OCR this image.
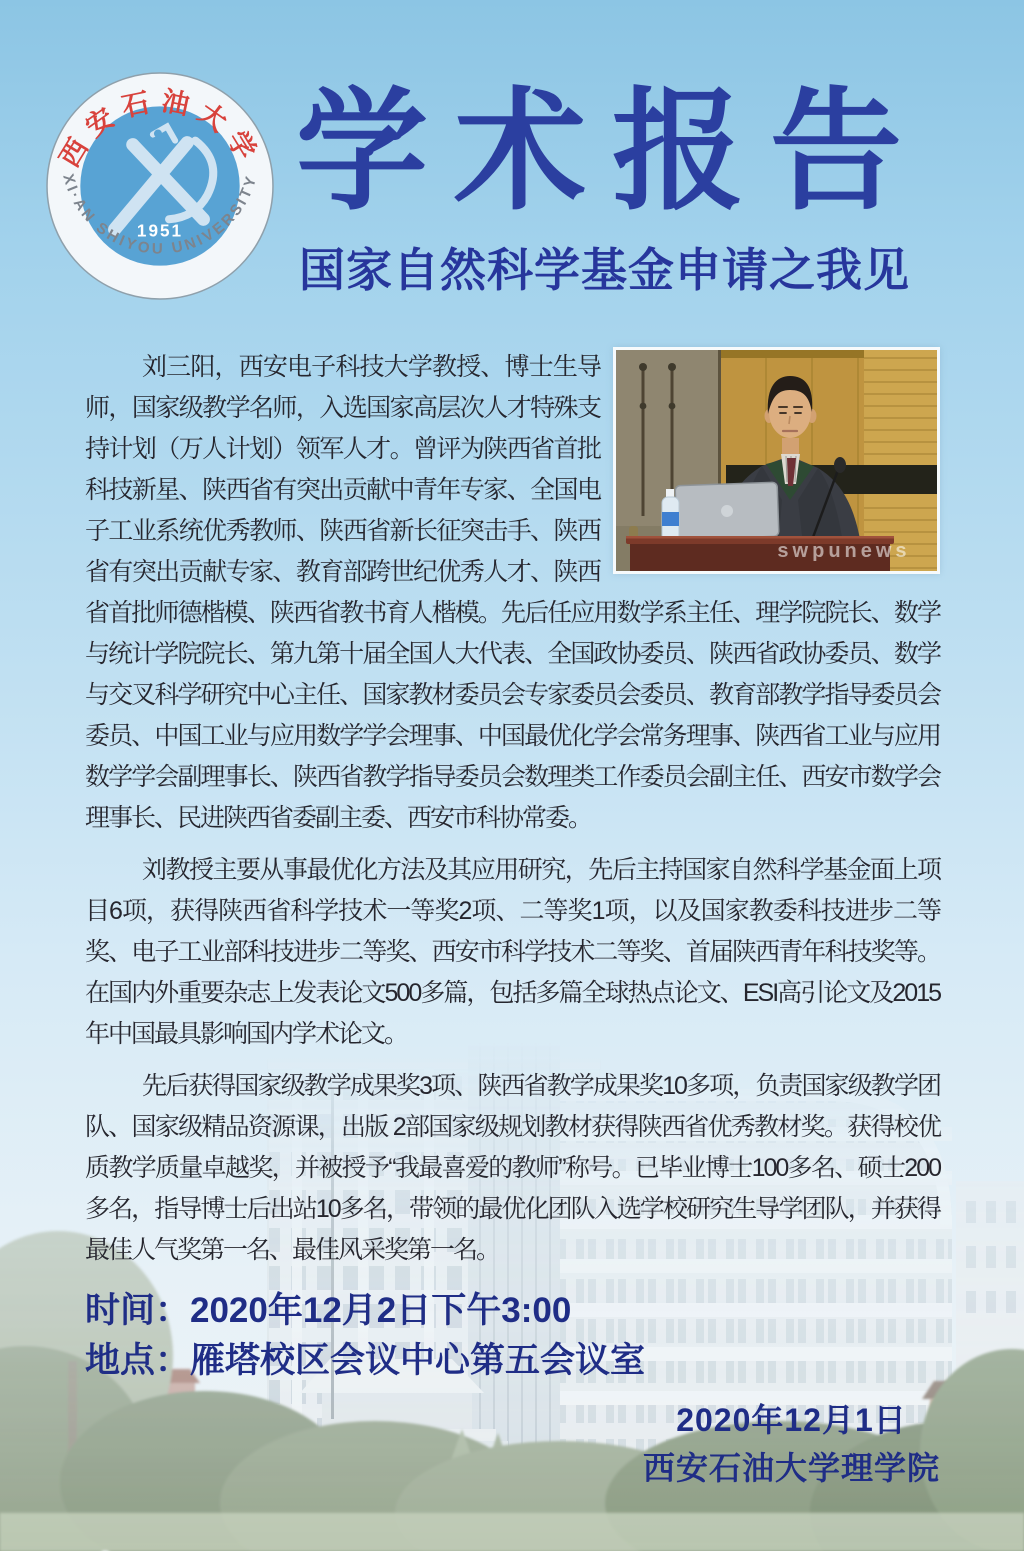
1951
西安石油大学
XI·AN SHIYOU UNIVERSITY 学术报告
国家自然科学基金申请之我见

swpunews
刘三阳，西安电子科技大学教授、博士生导师，国家级教学名师，入选国家高层次人才特殊支持计划（万人计划）领军人才。曾评为陕西省首批科技新星、陕西省有突出贡献中青年专家、全国电子工业系统优秀教师、陕西省新长征突击手、陕西省有突出贡献专家、教育部跨世纪优秀人才、陕西省首批师德楷模、陕西省教书育人楷模。先后任应用数学系主任、理学院院长、数学与统计学院院长、第九第十届全国人大代表、全国政协委员、陕西省政协委员、数学与交叉科学研究中心主任、国家教材委员会专家委员会委员、教育部教学指导委员会委员、中国工业与应用数学学会理事、中国最优化学会常务理事、陕西省工业与应用数学学会副理事长、陕西省教学指导委员会数理类工作委员会副主任、西安市数学会理事长、民进陕西省委副主委、西安市科协常委。

刘教授主要从事最优化方法及其应用研究，先后主持国家自然科学基金面上项目6项，获得陕西省科学技术一等奖2项、二等奖1项，以及国家教委科技进步二等奖、电子工业部科技进步二等奖、西安市科学技术二等奖、首届陕西青年科技奖等。在国内外重要杂志上发表论文500多篇，包括多篇全球热点论文、ESI高引论文及2015年中国最具影响国内学术论文。

先后获得国家级教学成果奖3项、陕西省教学成果奖10多项，负责国家级教学团队、国家级精品资源课，出版 2部国家级规划教材获得陕西省优秀教材奖。获得校优质教学质量卓越奖，并被授予“我最喜爱的教师”称号。已毕业博士100多名、硕士200多名，指导博士后出站10多名，带领的最优化团队入选学校研究生导学团队，并获得最佳人气奖第一名、最佳风采奖第一名。

时间：2020年12月2日下午3:00
地点：雁塔校区会议中心第五会议室
2020年12月1日
西安石油大学理学院
